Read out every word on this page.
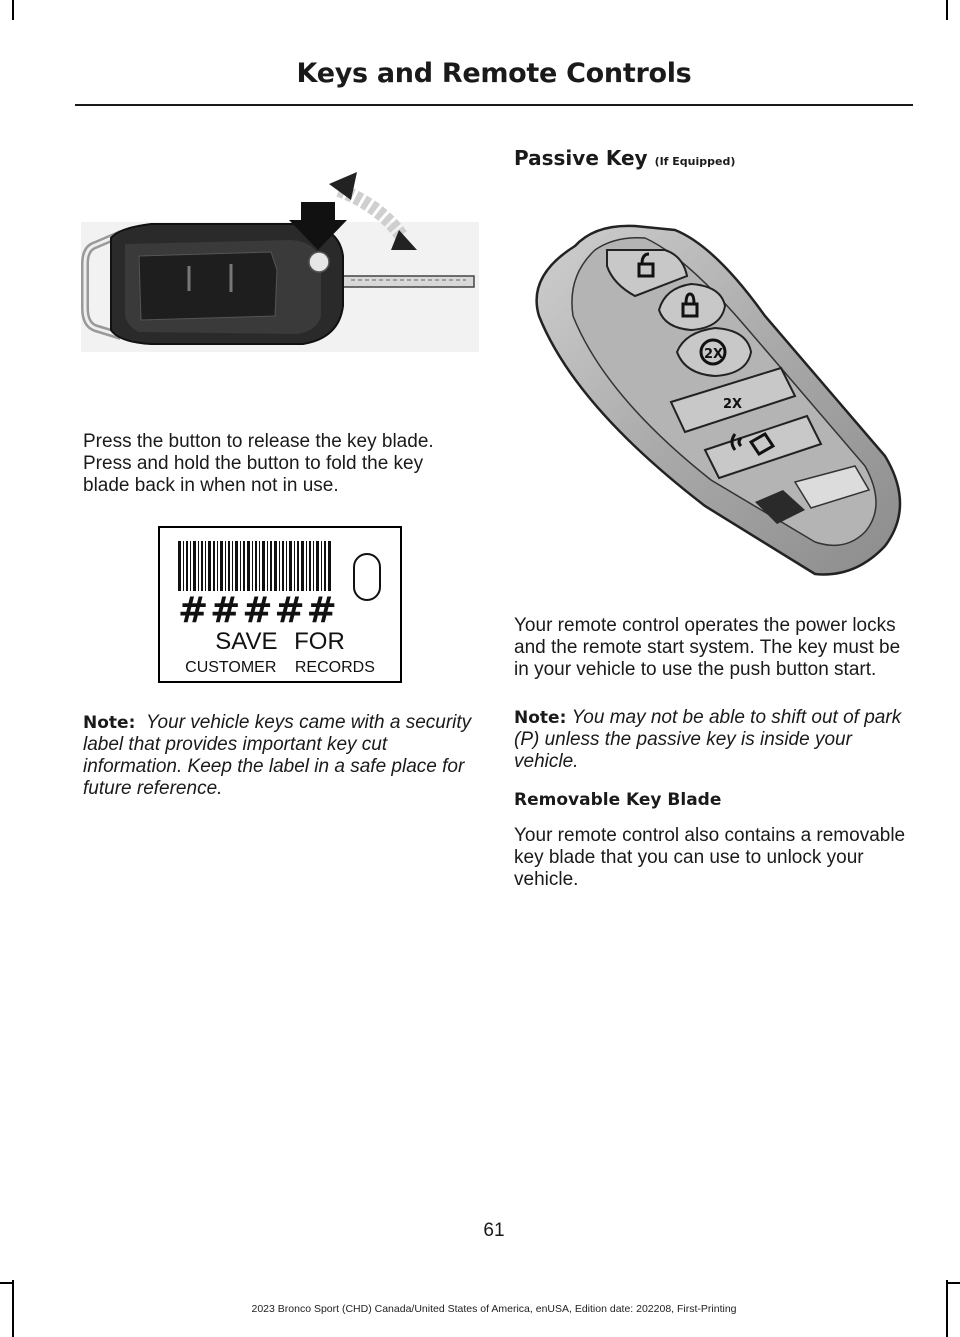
Keys and Remote Controls
Press the button to release the key blade. Press and hold the button to fold the key blade back in when not in use.
#####
SAVE FOR
CUSTOMER RECORDS

Note: Your vehicle keys came with a security label that provides important key cut information. Keep the label in a safe place for future reference.

Passive Key (If Equipped)
2X
2X
Your remote control operates the power locks and the remote start system. The key must be in your vehicle to use the push button start.

Note: You may not be able to shift out of park (P) unless the passive key is inside your vehicle.

Removable Key Blade
Your remote control also contains a removable key blade that you can use to unlock your vehicle.
61
2023 Bronco Sport (CHD) Canada/United States of America, enUSA, Edition date: 202208, First-Printing
